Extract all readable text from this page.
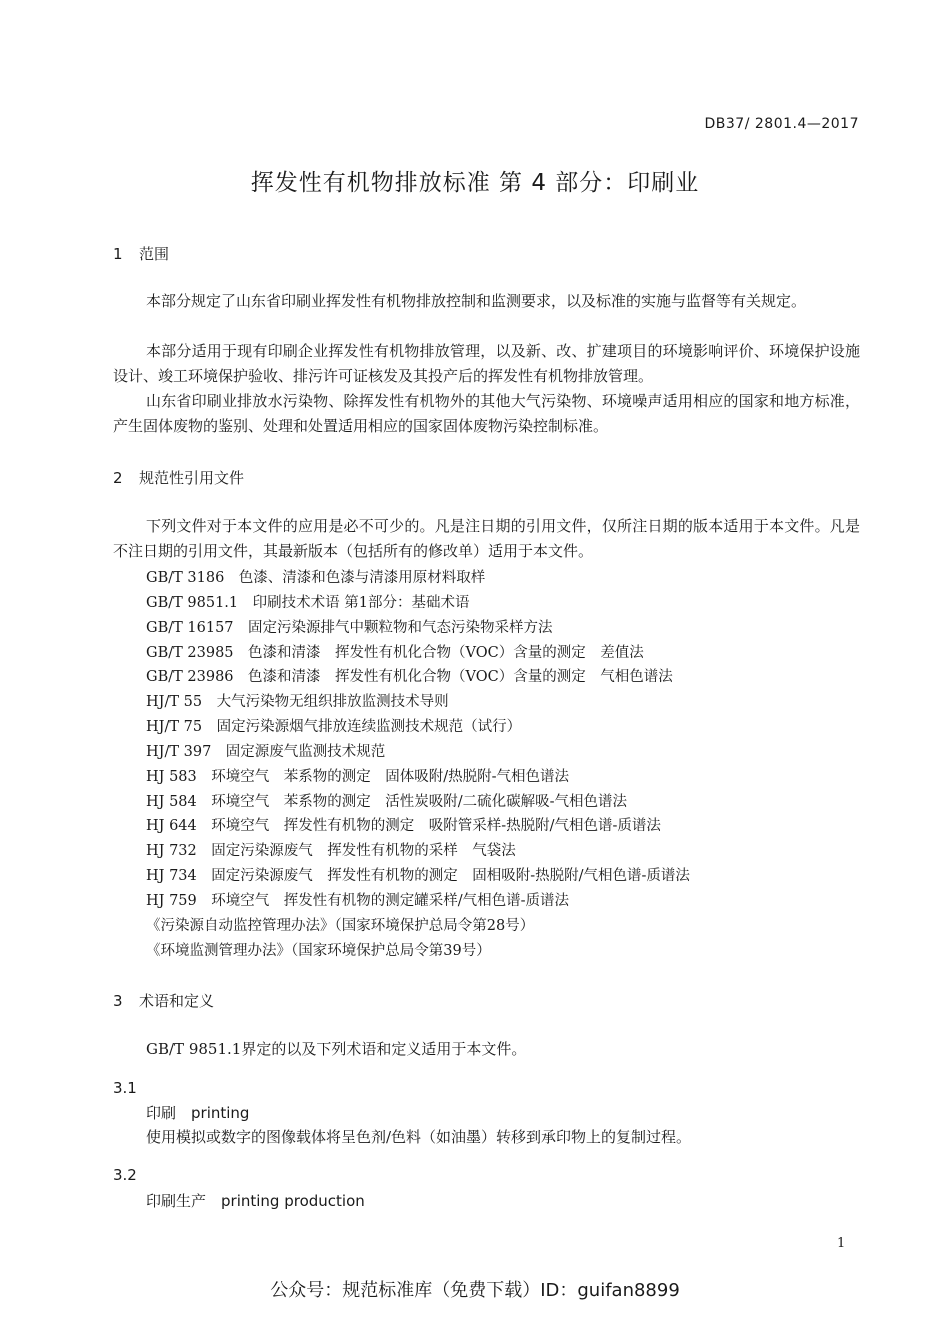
DB37/ 2801.4—2017
挥发性有机物排放标准 第 4 部分：印刷业
1 范围
本部分规定了山东省印刷业挥发性有机物排放控制和监测要求，以及标准的实施与监督等有关规定。
本部分适用于现有印刷企业挥发性有机物排放管理，以及新、改、扩建项目的环境影响评价、环境保护设施设计、竣工环境保护验收、排污许可证核发及其投产后的挥发性有机物排放管理。
山东省印刷业排放水污染物、除挥发性有机物外的其他大气污染物、环境噪声适用相应的国家和地方标准，产生固体废物的鉴别、处理和处置适用相应的国家固体废物污染控制标准。
2 规范性引用文件
下列文件对于本文件的应用是必不可少的。凡是注日期的引用文件，仅所注日期的版本适用于本文件。凡是不注日期的引用文件，其最新版本（包括所有的修改单）适用于本文件。
GB/T 3186　色漆、清漆和色漆与清漆用原材料取样
GB/T 9851.1　印刷技术术语 第1部分：基础术语
GB/T 16157　固定污染源排气中颗粒物和气态污染物采样方法
GB/T 23985　色漆和清漆　挥发性有机化合物（VOC）含量的测定　差值法
GB/T 23986　色漆和清漆　挥发性有机化合物（VOC）含量的测定　气相色谱法
HJ/T 55　大气污染物无组织排放监测技术导则
HJ/T 75　固定污染源烟气排放连续监测技术规范（试行）
HJ/T 397　固定源废气监测技术规范
HJ 583　环境空气　苯系物的测定　固体吸附/热脱附-气相色谱法
HJ 584　环境空气　苯系物的测定　活性炭吸附/二硫化碳解吸-气相色谱法
HJ 644　环境空气　挥发性有机物的测定　吸附管采样-热脱附/气相色谱-质谱法
HJ 732　固定污染源废气　挥发性有机物的采样　气袋法
HJ 734　固定污染源废气　挥发性有机物的测定　固相吸附-热脱附/气相色谱-质谱法
HJ 759　环境空气　挥发性有机物的测定罐采样/气相色谱-质谱法
《污染源自动监控管理办法》（国家环境保护总局令第28号）
《环境监测管理办法》（国家环境保护总局令第39号）
3 术语和定义
GB/T 9851.1界定的以及下列术语和定义适用于本文件。
3.1
印刷　printing
使用模拟或数字的图像载体将呈色剂/色料（如油墨）转移到承印物上的复制过程。
3.2
印刷生产　printing production
1
公众号：规范标准库（免费下载）ID：guifan8899
